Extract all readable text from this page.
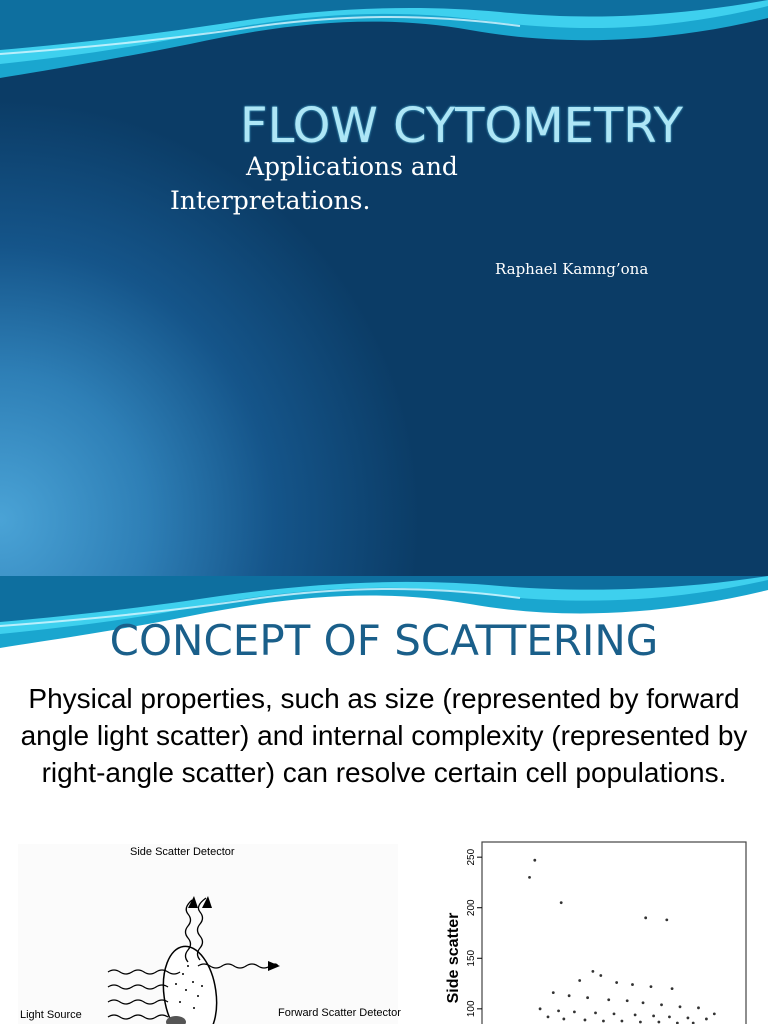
FLOW CYTOMETRY
Applications and Interpretations.
Raphael Kamng’ona
CONCEPT OF SCATTERING

Physical properties, such as size (represented by forward angle light scatter) and internal complexity (represented by right-angle scatter) can resolve certain cell populations.

Side Scatter Detector
Light Source	Forward Scatter Detector
Side scatter
100
150
200
250
